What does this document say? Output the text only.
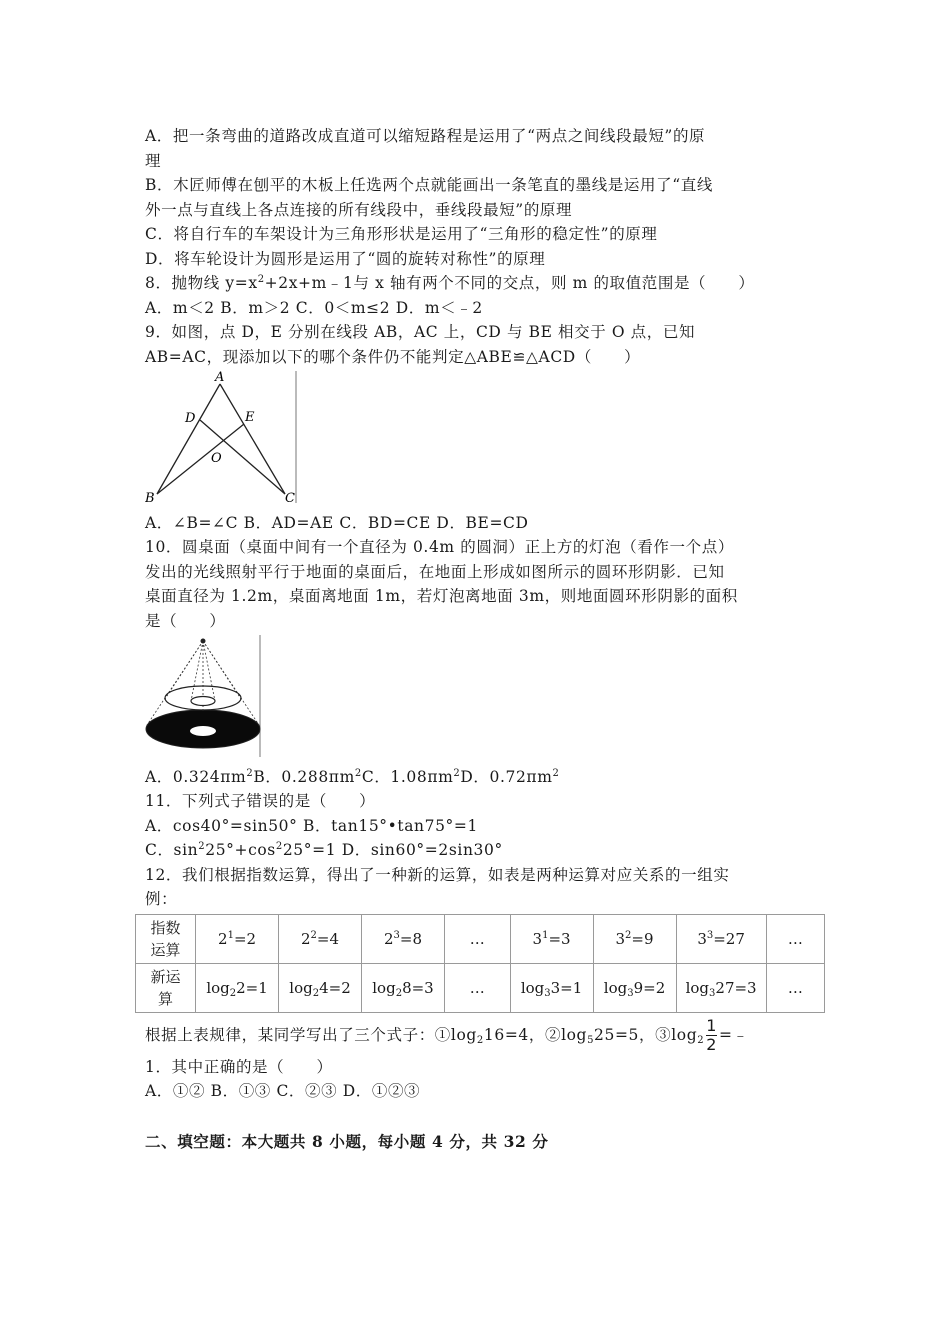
A．把一条弯曲的道路改成直道可以缩短路程是运用了“两点之间线段最短”的原
理
B．木匠师傅在刨平的木板上任选两个点就能画出一条笔直的墨线是运用了“直线
外一点与直线上各点连接的所有线段中，垂线段最短”的原理
C．将自行车的车架设计为三角形形状是运用了“三角形的稳定性”的原理
D．将车轮设计为圆形是运用了“圆的旋转对称性”的原理
8．抛物线 $y=x^2+2x+m﹣1$与 x 轴有两个不同的交点，则 m 的取值范围是（　　）
A．m＜2 B．m＞2 C．0＜m≤2 D．m＜﹣2
9．如图，点 D，E 分别在线段 AB，AC 上，CD 与 BE 相交于 O 点，已知
AB=AC，现添加以下的哪个条件仍不能判定△ABE≌△ACD（　　）
A
D	E
O
B	C
A．∠B=∠C B．AD=AE C．BD=CE D．BE=CD
10．圆桌面（桌面中间有一个直径为 0.4m 的圆洞）正上方的灯泡（看作一个点）
发出的光线照射平行于地面的桌面后，在地面上形成如图所示的圆环形阴影．已知
桌面直径为 1.2m，桌面离地面 1m，若灯泡离地面 3m，则地面圆环形阴影的面积
是（　　）
A．$0.324\pi m^2B$．$0.288\pi m^2C$．$1.08\pi m^2D$．$0.72\pi m^2$
11．下列式子错误的是（　　）
A．cos40°=sin50° B．tan15°•tan75°=1
C．$\sin^225^\circ+\cos^225^\circ=1$ D．sin60°=2sin30°
12．我们根据指数运算，得出了一种新的运算，如表是两种运算对应关系的一组实
例：
指数
运算	$2^1=2$	$2^2=4$	$2^3=8$	…	$3^1=3$	$3^2=9$	$3^3=27$	…

新运
算	$\log_22=1$	$\log_24=2$	$\log_28=3$	…	$\log_33=1$	$\log_39=2$	$\log_327=3$	…
根据上表规律，某同学写出了三个式子：$①\log_216=4$，$②\log_525=5$，$③\log_2 \frac{1}{2}$ =﹣
1．其中正确的是（　　）
A．①② B．①③ C．②③ D．①②③
二、填空题：本大题共 8 小题，每小题 4 分，共 32 分
